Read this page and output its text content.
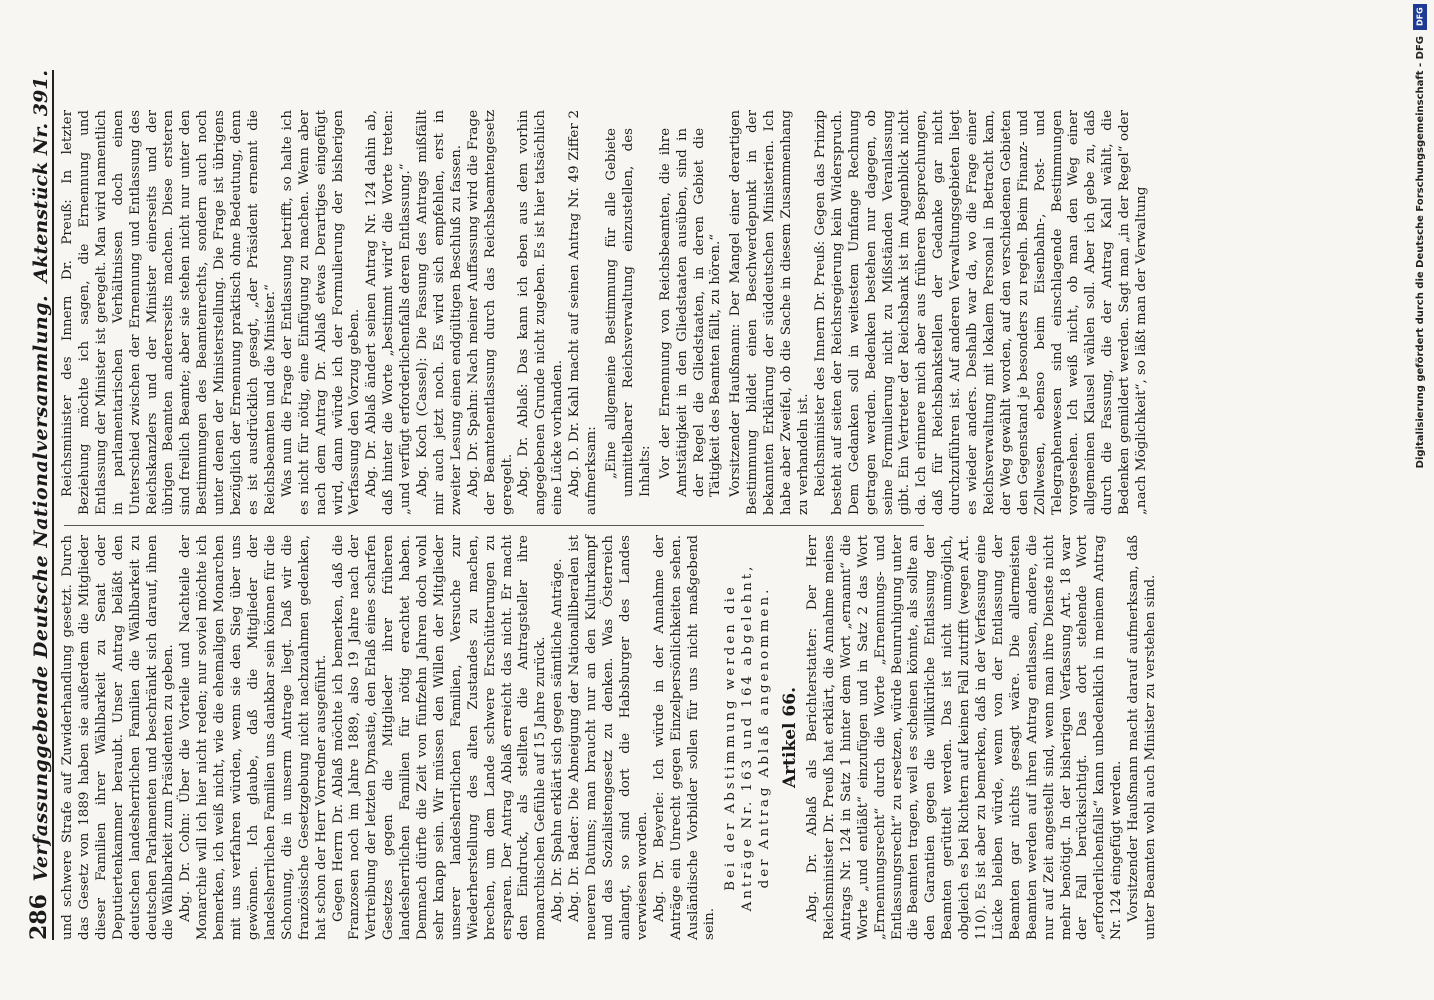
286
Verfassunggebende Deutsche Nationalversammlung.
Aktenstück Nr. 391.

und schwere Strafe auf Zuwiderhandlung gesetzt. Durch das Gesetz von 1889 haben sie außerdem die Mitglieder dieser Familien ihrer Wählbarkeit zu Senat oder Deputiertenkammer beraubt. Unser Antrag beläßt den deutschen landesherrlichen Familien die Wählbarkeit zu deutschen Parlamenten und beschränkt sich darauf, ihnen die Wählbarkeit zum Präsidenten zu geben. Abg. Dr. Cohn: Über die Vorteile und Nachteile der Monarchie will ich hier nicht reden; nur soviel möchte ich bemerken, ich weiß nicht, wie die ehemaligen Monarchen mit uns verfahren würden, wenn sie den Sieg über uns gewönnen. Ich glaube, daß die Mitglieder der landesherrlichen Familien uns dankbar sein können für die Schonung, die in unserm Antrage liegt. Daß wir die französische Gesetzgebung nicht nachzuahmen gedenken, hat schon der Herr Vorredner ausgeführt. Gegen Herrn Dr. Ablaß möchte ich bemerken, daß die Franzosen noch im Jahre 1889, also 19 Jahre nach der Vertreibung der letzten Dynastie, den Erlaß eines scharfen Gesetzes gegen die Mitglieder ihrer früheren landesherrlichen Familien für nötig erachtet haben. Demnach dürfte die Zeit von fünfzehn Jahren doch wohl sehr knapp sein. Wir müssen den Willen der Mitglieder unserer landesherrlichen Familien, Versuche zur Wiederherstellung des alten Zustandes zu machen, brechen, um dem Lande schwere Erschütterungen zu ersparen. Der Antrag Ablaß erreicht das nicht. Er macht den Eindruck, als stellten die Antragsteller ihre monarchischen Gefühle auf 15 Jahre zurück. Abg. Dr. Spahn erklärt sich gegen sämtliche Anträge. Abg. Dr. Bader: Die Abneigung der Nationalliberalen ist neueren Datums; man braucht nur an den Kulturkampf und das Sozialistengesetz zu denken. Was Österreich anlangt, so sind dort die Habsburger des Landes verwiesen worden. Abg. Dr. Beyerle: Ich würde in der Annahme der Anträge ein Unrecht gegen Einzelpersönlichkeiten sehen. Ausländische Vorbilder sollen für uns nicht maßgebend sein.

Bei der Abstimmung werden die Anträge Nr. 163 und 164 abgelehnt, der Antrag Ablaß angenommen. Artikel 66. Abg. Dr. Ablaß als Berichterstatter: Der Herr Reichsminister Dr. Preuß hat erklärt, die Annahme meines Antrags Nr. 124 in Satz 1 hinter dem Wort „ernannt“ die Worte „und entläßt“ einzufügen und in Satz 2 das Wort „Ernennungsrecht“ durch die Worte „Ernennungs- und Entlassungsrecht“ zu ersetzen, würde Beunruhigung unter die Beamten tragen, weil es scheinen könnte, als sollte an den Garantien gegen die willkürliche Entlassung der Beamten gerüttelt werden. Das ist nicht unmöglich, obgleich es bei Richtern auf keinen Fall zutrifft (wegen Art. 110). Es ist aber zu bemerken, daß in der Verfassung eine Lücke bleiben würde, wenn von der Entlassung der Beamten gar nichts gesagt wäre. Die allermeisten Beamten werden auf ihren Antrag entlassen, andere, die nur auf Zeit angestellt sind, wenn man ihre Dienste nicht mehr benötigt. In der bisherigen Verfassung Art. 18 war der Fall berücksichtigt. Das dort stehende Wort „erforderlichenfalls“ kann unbedenklich in meinem Antrag Nr. 124 eingefügt werden. Vorsitzender Haußmann macht darauf aufmerksam, daß unter Beamten wohl auch Minister zu verstehen sind.

Reichsminister des Innern Dr. Preuß: In letzter Beziehung möchte ich sagen, die Ernennung und Entlassung der Minister ist geregelt. Man wird namentlich in parlamentarischen Verhältnissen doch einen Unterschied zwischen der Ernennung und Entlassung des Reichskanzlers und der Minister einerseits und der übrigen Beamten andererseits machen. Diese ersteren sind freilich Beamte; aber sie stehen nicht nur unter den Bestimmungen des Beamtenrechts, sondern auch noch unter denen der Ministerstellung. Die Frage ist übrigens bezüglich der Ernennung praktisch ohne Bedeutung, denn es ist ausdrücklich gesagt, „der Präsident ernennt die Reichsbeamten und die Minister.“ Was nun die Frage der Entlassung betrifft, so halte ich es nicht für nötig, eine Einfügung zu machen. Wenn aber nach dem Antrag Dr. Ablaß etwas Derartiges eingefügt wird, dann würde ich der Formulierung der bisherigen Verfassung den Vorzug geben. Abg. Dr. Ablaß ändert seinen Antrag Nr. 124 dahin ab, daß hinter die Worte „bestimmt wird“ die Worte treten: „und verfügt erforderlichenfalls deren Entlassung.“ Abg. Koch (Cassel): Die Fassung des Antrags mißfällt mir auch jetzt noch. Es wird sich empfehlen, erst in zweiter Lesung einen endgültigen Beschluß zu fassen. Abg. Dr. Spahn: Nach meiner Auffassung wird die Frage der Beamtenentlassung durch das Reichsbeamtengesetz geregelt. Abg. Dr. Ablaß: Das kann ich eben aus dem vorhin angegebenen Grunde nicht zugeben. Es ist hier tatsächlich eine Lücke vorhanden. Abg. D. Dr. Kahl macht auf seinen Antrag Nr. 49 Ziffer 2 aufmerksam: „Eine allgemeine Bestimmung für alle Gebiete unmittelbarer Reichsverwaltung einzustellen, des Inhalts: Vor der Ernennung von Reichsbeamten, die ihre Amtstätigkeit in den Gliedstaaten ausüben, sind in der Regel die Gliedstaaten, in deren Gebiet die Tätigkeit des Beamten fällt, zu hören.“ Vorsitzender Haußmann: Der Mangel einer derartigen Bestimmung bildet einen Beschwerdepunkt in der bekannten Erklärung der süddeutschen Ministerien. Ich habe aber Zweifel, ob die Sache in diesem Zusammenhang zu verhandeln ist. Reichsminister des Innern Dr. Preuß: Gegen das Prinzip besteht auf seiten der Reichsregierung kein Widerspruch. Dem Gedanken soll in weitestem Umfange Rechnung getragen werden. Bedenken bestehen nur dagegen, ob seine Formulierung nicht zu Mißständen Veranlassung gibt. Ein Vertreter der Reichsbank ist im Augenblick nicht da. Ich erinnere mich aber aus früheren Besprechungen, daß für Reichsbankstellen der Gedanke gar nicht durchzuführen ist. Auf anderen Verwaltungsgebieten liegt es wieder anders. Deshalb war da, wo die Frage einer Reichsverwaltung mit lokalem Personal in Betracht kam, der Weg gewählt worden, auf den verschiedenen Gebieten den Gegenstand je besonders zu regeln. Beim Finanz- und Zollwesen, ebenso beim Eisenbahn-, Post- und Telegraphenwesen sind einschlagende Bestimmungen vorgesehen. Ich weiß nicht, ob man den Weg einer allgemeinen Klausel wählen soll. Aber ich gebe zu, daß durch die Fassung, die der Antrag Kahl wählt, die Bedenken gemildert werden. Sagt man „in der Regel“ oder „nach Möglichkeit“, so läßt man der Verwaltung

DFG
Digitalisierung gefördert durch die Deutsche Forschungsgemeinschaft - DFG
